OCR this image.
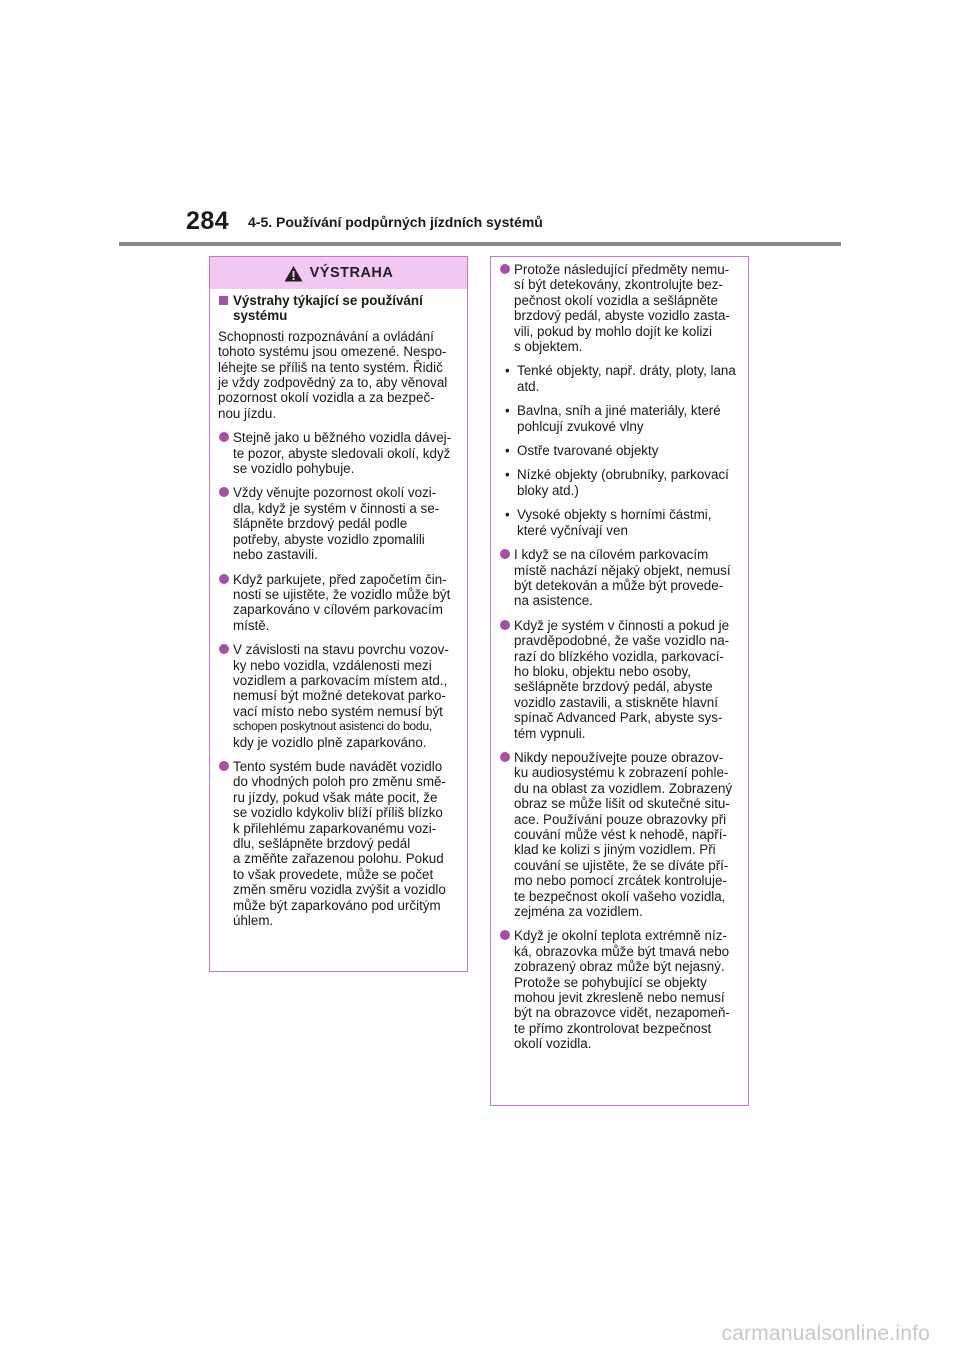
284 4-5. Používání podpůrných jízdních systémů
VÝSTRAHA
Výstrahy týkající se používání
systému
Schopnosti rozpoznávání a ovládání
tohoto systému jsou omezené. Nespo-
léhejte se příliš na tento systém. Řidič
je vždy zodpovědný za to, aby věnoval
pozornost okolí vozidla a za bezpeč-
nou jízdu.
Stejně jako u běžného vozidla dávej-
te pozor, abyste sledovali okolí, když
se vozidlo pohybuje.
Vždy věnujte pozornost okolí vozi-
dla, když je systém v činnosti a se-
šlápněte brzdový pedál podle
potřeby, abyste vozidlo zpomalili
nebo zastavili.
Když parkujete, před započetím čin-
nosti se ujistěte, že vozidlo může být
zaparkováno v cílovém parkovacím
místě.
V závislosti na stavu povrchu vozov-
ky nebo vozidla, vzdálenosti mezi
vozidlem a parkovacím místem atd.,
nemusí být možné detekovat parko-
vací místo nebo systém nemusí být
schopen poskytnout asistenci do bodu,
kdy je vozidlo plně zaparkováno.
Tento systém bude navádět vozidlo
do vhodných poloh pro změnu smě-
ru jízdy, pokud však máte pocit, že
se vozidlo kdykoliv blíží příliš blízko
k přilehlému zaparkovanému vozi-
dlu, sešlápněte brzdový pedál
a změňte zařazenou polohu. Pokud
to však provedete, může se počet
změn směru vozidla zvýšit a vozidlo
může být zaparkováno pod určitým
úhlem.
Protože následující předměty nemu-
sí být detekovány, zkontrolujte bez-
pečnost okolí vozidla a sešlápněte
brzdový pedál, abyste vozidlo zasta-
vili, pokud by mohlo dojít ke kolizi
s objektem.
• Tenké objekty, např. dráty, ploty, lana
atd.
• Bavlna, sníh a jiné materiály, které
pohlcují zvukové vlny
• Ostře tvarované objekty
• Nízké objekty (obrubníky, parkovací
bloky atd.)
• Vysoké objekty s horními částmi,
které vyčnívají ven
I když se na cílovém parkovacím
místě nachází nějaký objekt, nemusí
být detekován a může být provede-
na asistence.
Když je systém v činnosti a pokud je
pravděpodobné, že vaše vozidlo na-
razí do blízkého vozidla, parkovací-
ho bloku, objektu nebo osoby,
sešlápněte brzdový pedál, abyste
vozidlo zastavili, a stiskněte hlavní
spínač Advanced Park, abyste sys-
tém vypnuli.
Nikdy nepoužívejte pouze obrazov-
ku audiosystému k zobrazení pohle-
du na oblast za vozidlem. Zobrazený
obraz se může lišit od skutečné situ-
ace. Používání pouze obrazovky při
couvání může vést k nehodě, napří-
klad ke kolizi s jiným vozidlem. Při
couvání se ujistěte, že se díváte pří-
mo nebo pomocí zrcátek kontroluje-
te bezpečnost okolí vašeho vozidla,
zejména za vozidlem.
Když je okolní teplota extrémně níz-
ká, obrazovka může být tmavá nebo
zobrazený obraz může být nejasný.
Protože se pohybující se objekty
mohou jevit zkresleně nebo nemusí
být na obrazovce vidět, nezapomeň-
te přímo zkontrolovat bezpečnost
okolí vozidla.
carmanualsonline.info
